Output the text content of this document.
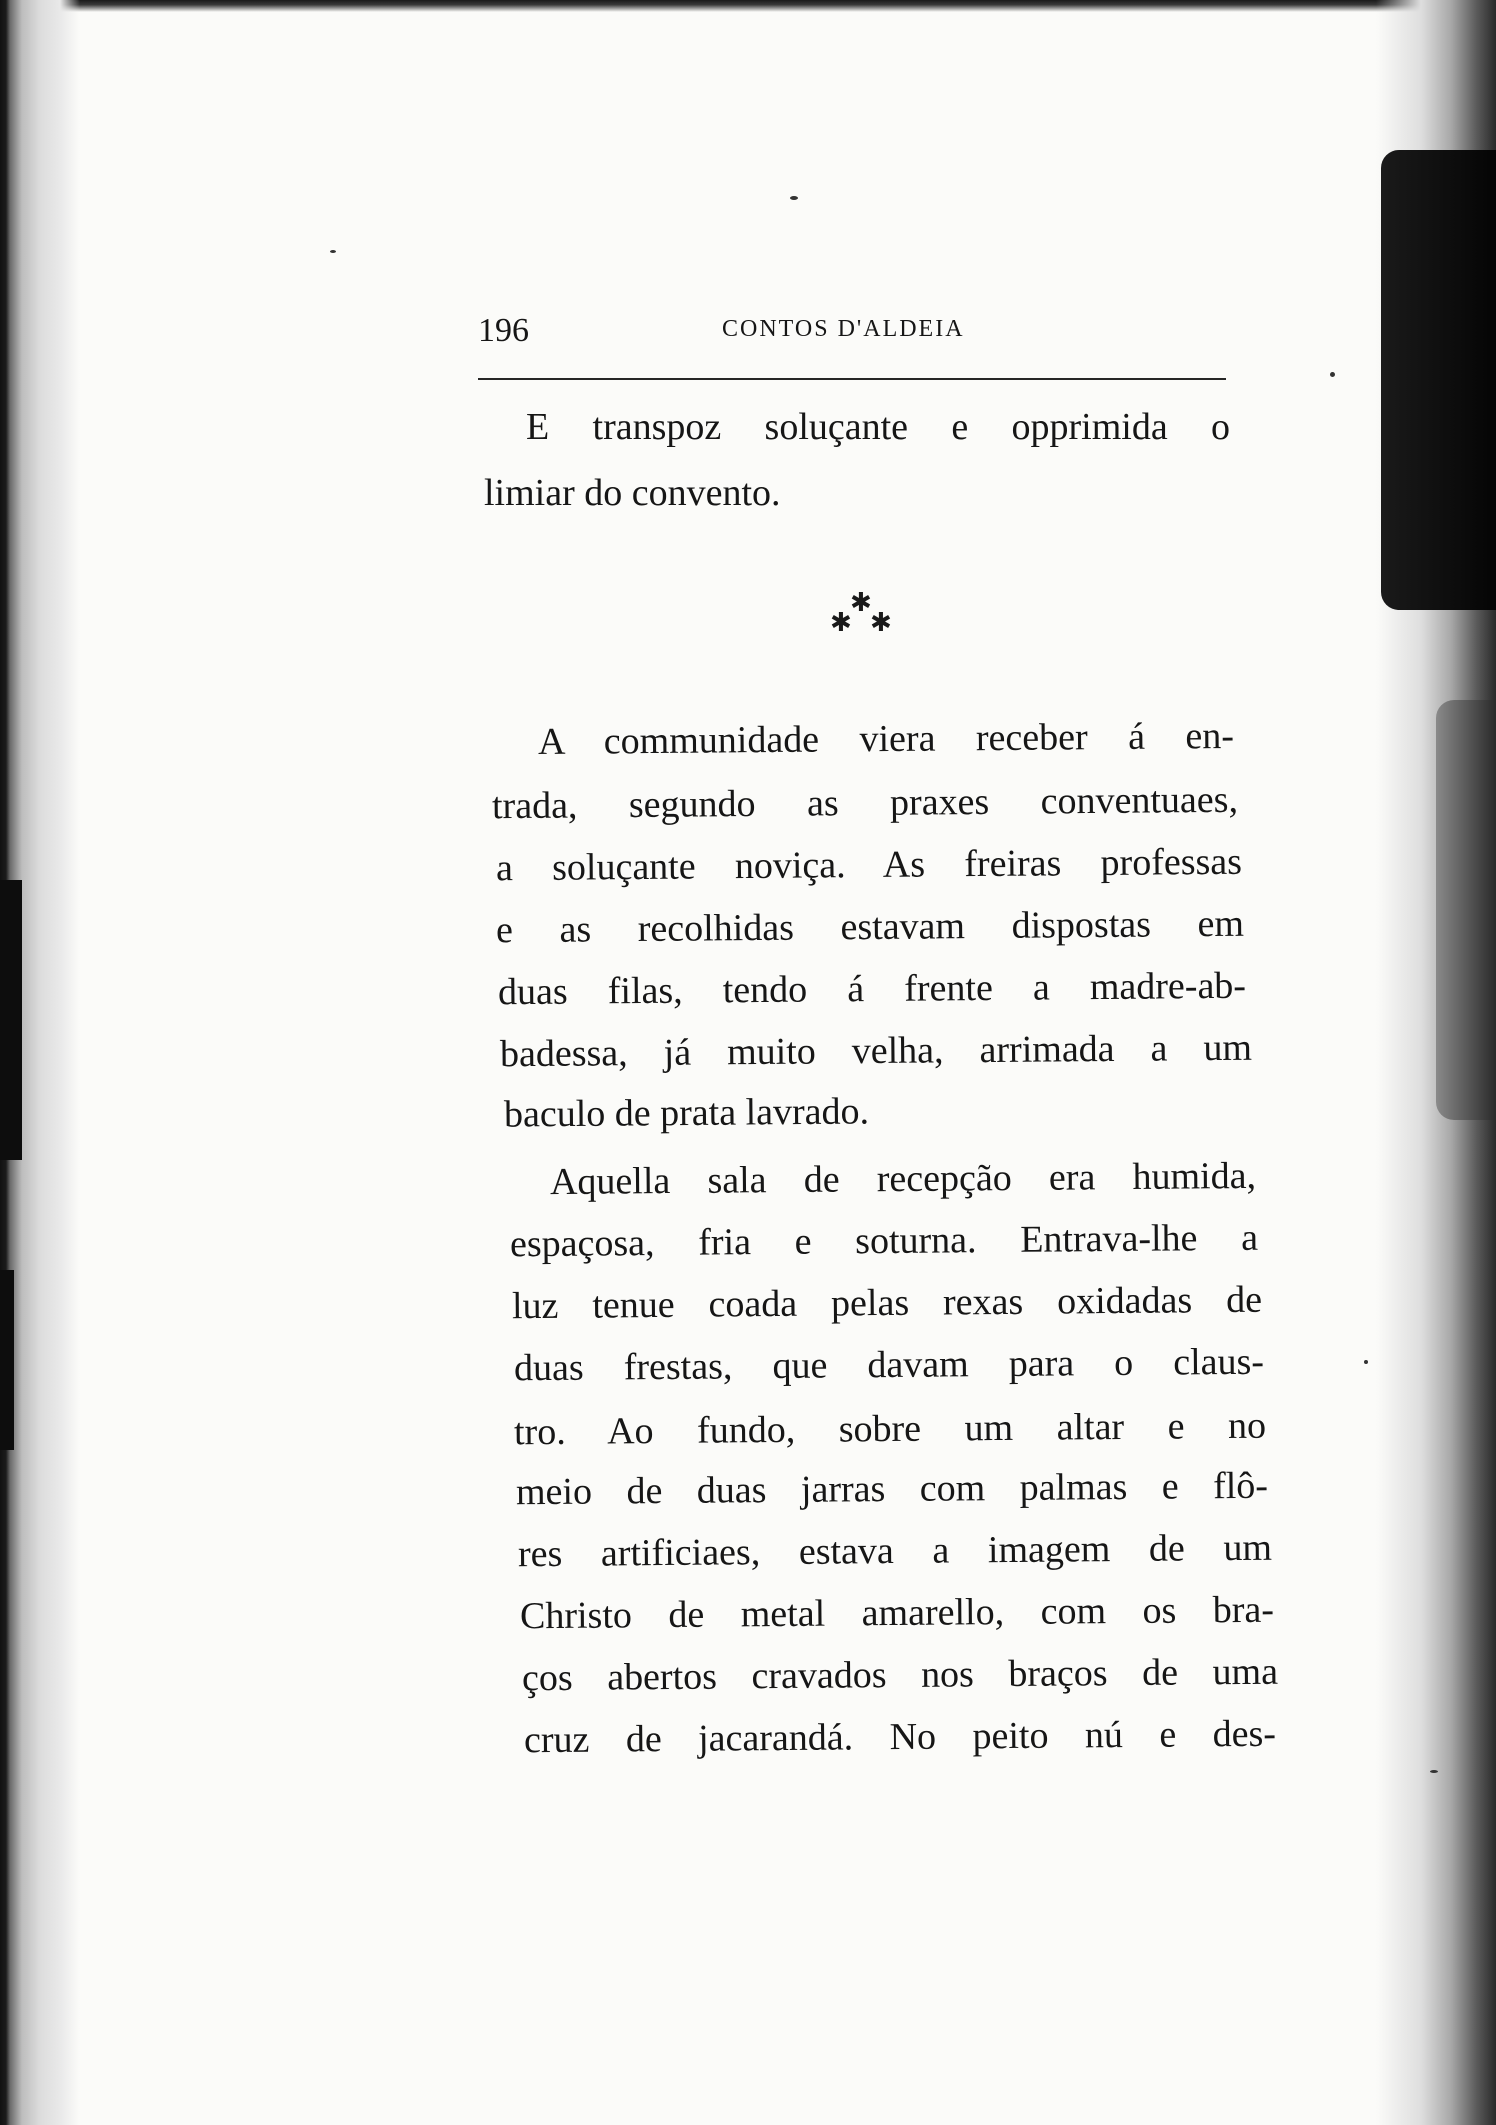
196	CONTOS D'ALDEIA
E transpoz soluçante e opprimida o
limiar do convento.
✱
✱ ✱
A communidade viera receber á en-
trada, segundo as praxes conventuaes,
a soluçante noviça. As freiras professas
e as recolhidas estavam dispostas em
duas filas, tendo á frente a madre-ab-
badessa, já muito velha, arrimada a um
baculo de prata lavrado.
Aquella sala de recepção era humida,
espaçosa, fria e soturna. Entrava-lhe a
luz tenue coada pelas rexas oxidadas de
duas frestas, que davam para o claus-
tro. Ao fundo, sobre um altar e no
meio de duas jarras com palmas e flô-
res artificiaes, estava a imagem de um
Christo de metal amarello, com os bra-
ços abertos cravados nos braços de uma
cruz de jacarandá. No peito nú e des-
